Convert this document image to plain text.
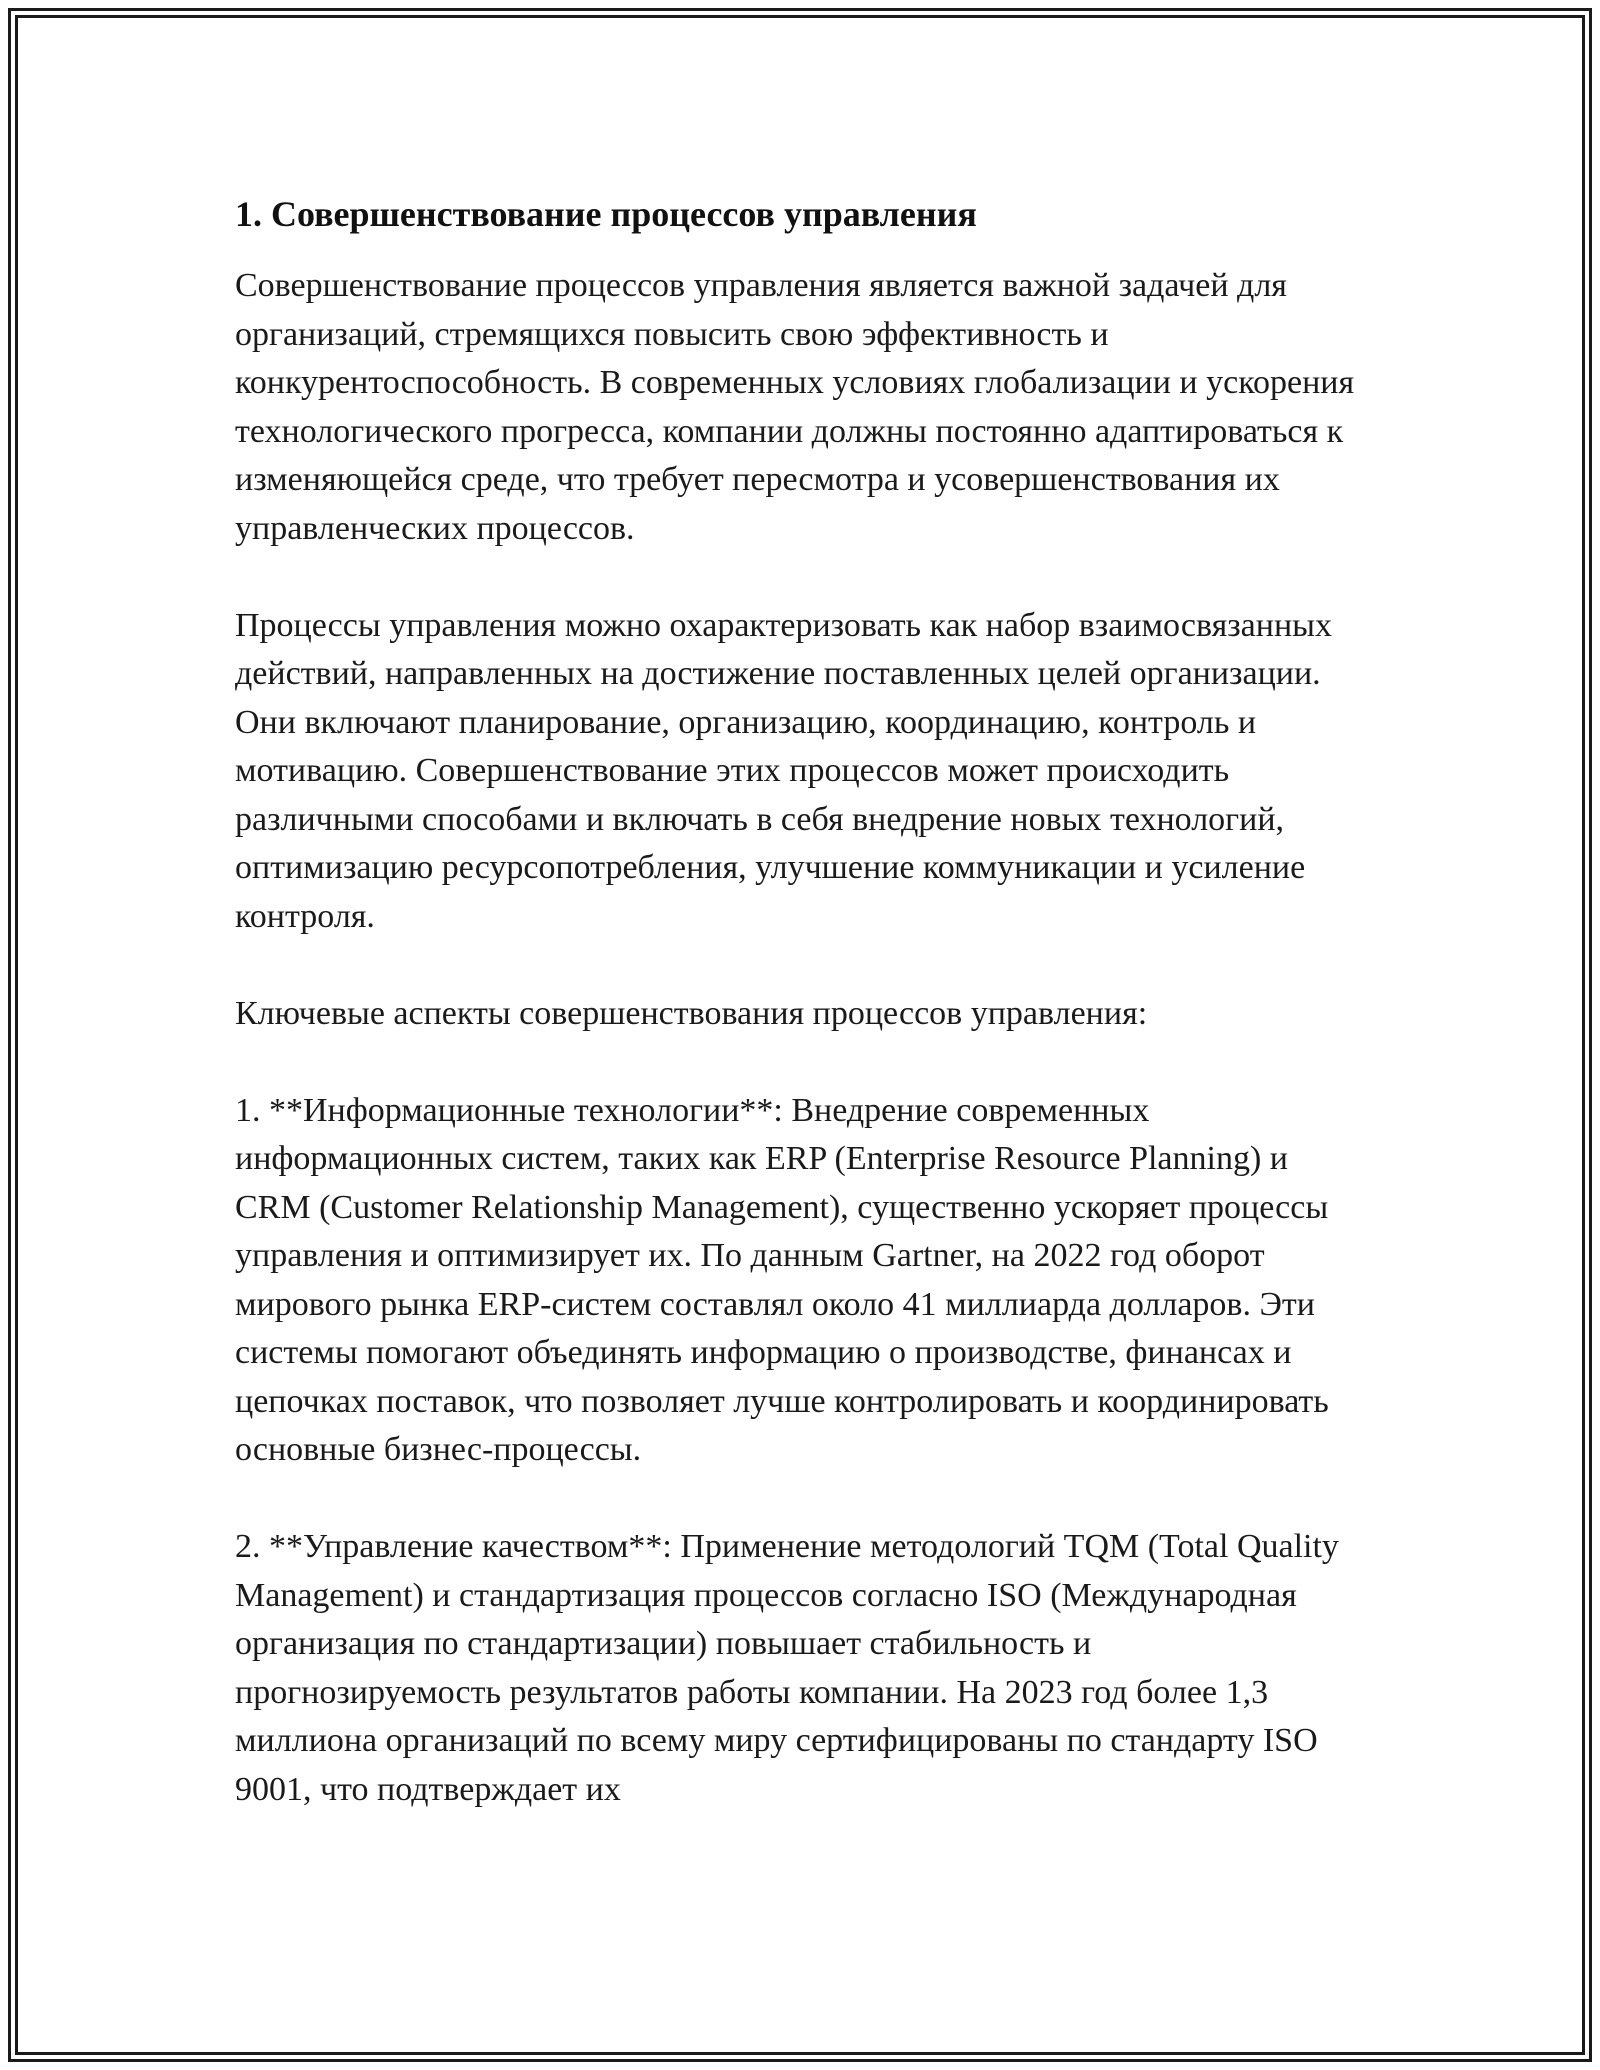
1. Совершенствование процессов управления

Совершенствование процессов управления является важной задачей для организаций, стремящихся повысить свою эффективность и конкурентоспособность. В современных условиях глобализации и ускорения технологического прогресса, компании должны постоянно адаптироваться к изменяющейся среде, что требует пересмотра и усовершенствования их управленческих процессов.

Процессы управления можно охарактеризовать как набор взаимосвязанных действий, направленных на достижение поставленных целей организации. Они включают планирование, организацию, координацию, контроль и мотивацию. Совершенствование этих процессов может происходить различными способами и включать в себя внедрение новых технологий, оптимизацию ресурсопотребления, улучшение коммуникации и усиление контроля.

Ключевые аспекты совершенствования процессов управления:

1. **Информационные технологии**: Внедрение современных информационных систем, таких как ERP (Enterprise Resource Planning) и CRM (Customer Relationship Management), существенно ускоряет процессы управления и оптимизирует их. По данным Gartner, на 2022 год оборот мирового рынка ERP-систем составлял около 41 миллиарда долларов. Эти системы помогают объединять информацию о производстве, финансах и цепочках поставок, что позволяет лучше контролировать и координировать основные бизнес-процессы.

2. **Управление качеством**: Применение методологий TQM (Total Quality Management) и стандартизация процессов согласно ISO (Международная организация по стандартизации) повышает стабильность и прогнозируемость результатов работы компании. На 2023 год более 1,3 миллиона организаций по всему миру сертифицированы по стандарту ISO 9001, что подтверждает их
